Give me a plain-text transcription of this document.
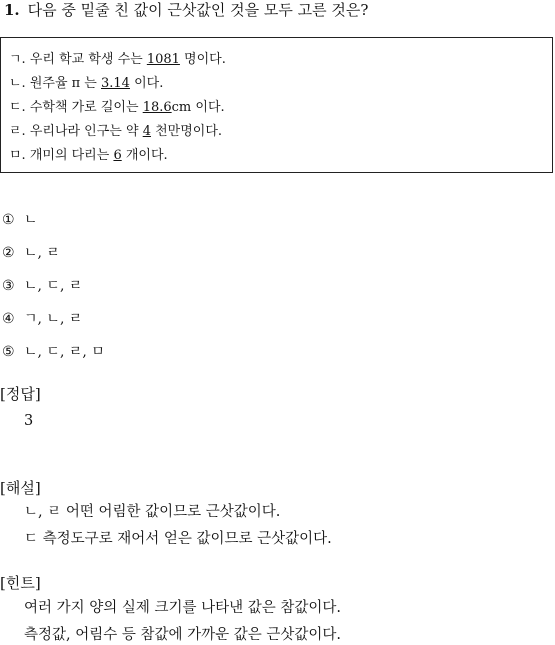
1. 다음 중 밑줄 친 값이 근삿값인 것을 모두 고른 것은?
ㄱ. 우리 학교 학생 수는 1081 명이다.
ㄴ. 원주율 π 는 3.14 이다.
ㄷ. 수학책 가로 길이는 18.6cm 이다.
ㄹ. 우리나라 인구는 약 4 천만명이다.
ㅁ. 개미의 다리는 6 개이다.
① ㄴ
② ㄴ, ㄹ
③ ㄴ, ㄷ, ㄹ
④ ㄱ, ㄴ, ㄹ
⑤ ㄴ, ㄷ, ㄹ, ㅁ
[정답]
3
[해설]
ㄴ, ㄹ 어떤 어림한 값이므로 근삿값이다.
ㄷ 측정도구로 재어서 얻은 값이므로 근삿값이다.
[힌트]
여러 가지 양의 실제 크기를 나타낸 값은 참값이다.
측정값, 어림수 등 참값에 가까운 값은 근삿값이다.
